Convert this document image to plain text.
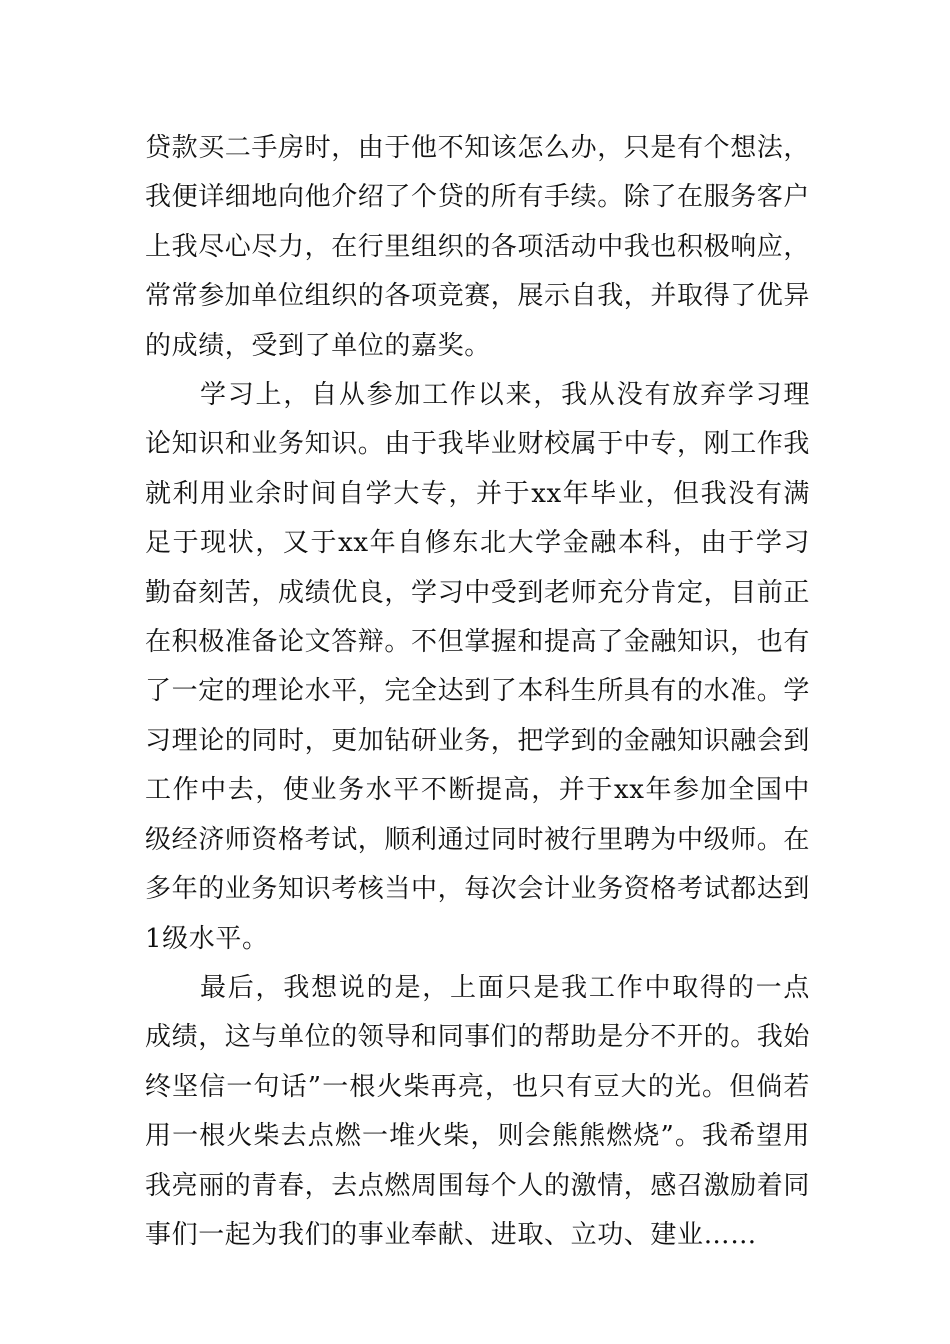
贷款买二手房时，由于他不知该怎么办，只是有个想法，我便详细地向他介绍了个贷的所有手续。除了在服务客户上我尽心尽力，在行里组织的各项活动中我也积极响应，常常参加单位组织的各项竞赛，展示自我，并取得了优异的成绩，受到了单位的嘉奖。

学习上，自从参加工作以来，我从没有放弃学习理论知识和业务知识。由于我毕业财校属于中专，刚工作我就利用业余时间自学大专，并于xx年毕业，但我没有满足于现状，又于xx年自修东北大学金融本科，由于学习勤奋刻苦，成绩优良，学习中受到老师充分肯定，目前正在积极准备论文答辩。不但掌握和提高了金融知识，也有了一定的理论水平，完全达到了本科生所具有的水准。学习理论的同时，更加钻研业务，把学到的金融知识融会到工作中去，使业务水平不断提高，并于xx年参加全国中级经济师资格考试，顺利通过同时被行里聘为中级师。在多年的业务知识考核当中，每次会计业务资格考试都达到1级水平。

最后，我想说的是，上面只是我工作中取得的一点成绩，这与单位的领导和同事们的帮助是分不开的。我始终坚信一句话”一根火柴再亮，也只有豆大的光。但倘若用一根火柴去点燃一堆火柴，则会熊熊燃烧”。我希望用我亮丽的青春，去点燃周围每个人的激情，感召激励着同事们一起为我们的事业奉献、进取、立功、建业……
